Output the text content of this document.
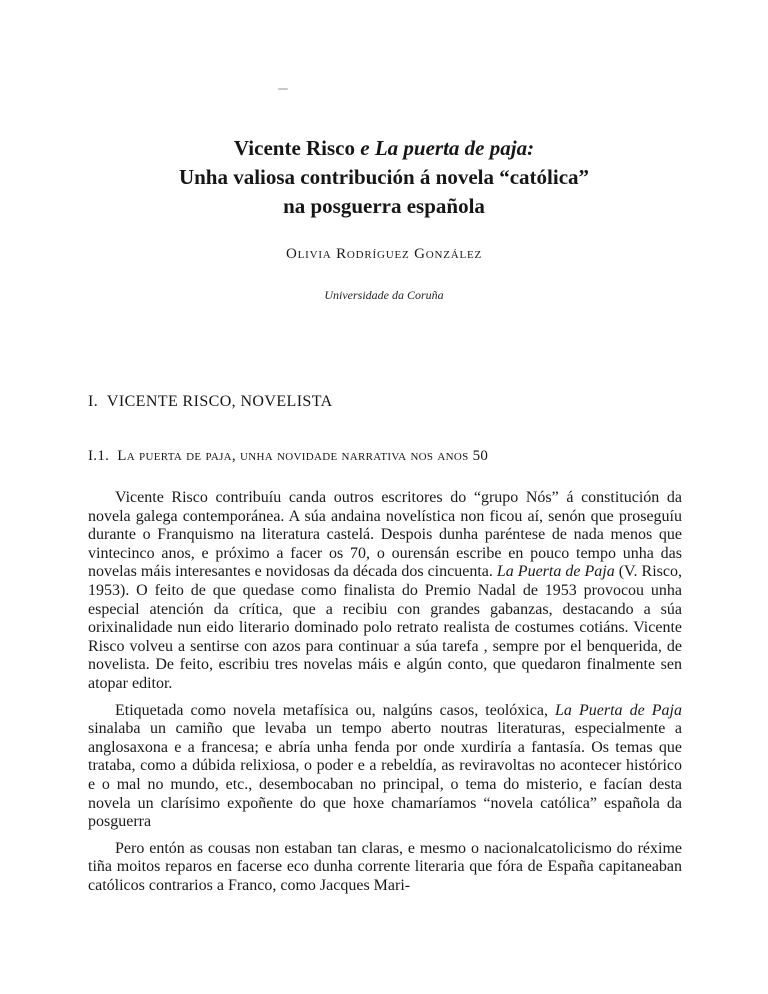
Vicente Risco e La puerta de paja:
Unha valiosa contribución á novela “católica”
na posguerra española
Olivia Rodríguez González
Universidade da Coruña
I.  VICENTE RISCO, NOVELISTA
I.1.  La puerta de paja, unha novidade narrativa nos anos 50

Vicente Risco contribuíu canda outros escritores do “grupo Nós” á constitución da novela galega contemporánea. A súa andaina novelística non ficou aí, senón que proseguíu durante o Franquismo na literatura castelá. Despois dunha paréntese de nada menos que vintecinco anos, e próximo a facer os 70, o ourensán escribe en pouco tempo unha das novelas máis interesantes e novidosas da década dos cincuenta. La Puerta de Paja (V. Risco, 1953). O feito de que quedase como finalista do Premio Nadal de 1953 provocou unha especial atención da crítica, que a recibiu con grandes gabanzas, destacando a súa orixinalidade nun eido literario dominado polo retrato realista de costumes cotiáns. Vicente Risco volveu a sentirse con azos para continuar a súa tarefa , sempre por el benquerida, de novelista. De feito, escribiu tres novelas máis e algún conto, que quedaron finalmente sen atopar editor.

Etiquetada como novela metafísica ou, nalgúns casos, teolóxica, La Puerta de Paja sinalaba un camiño que levaba un tempo aberto noutras literaturas, especialmente a anglosaxona e a francesa; e abría unha fenda por onde xurdiría a fantasía. Os temas que trataba, como a dúbida relixiosa, o poder e a rebeldía, as reviravoltas no acontecer histórico e o mal no mundo, etc., desembocaban no principal, o tema do misterio, e facían desta novela un clarísimo expoñente do que hoxe chamaríamos “novela católica” española da posguerra

Pero entón as cousas non estaban tan claras, e mesmo o nacionalcatolicismo do réxime tiña moitos reparos en facerse eco dunha corrente literaria que fóra de España capitaneaban católicos contrarios a Franco, como Jacques Mari-
